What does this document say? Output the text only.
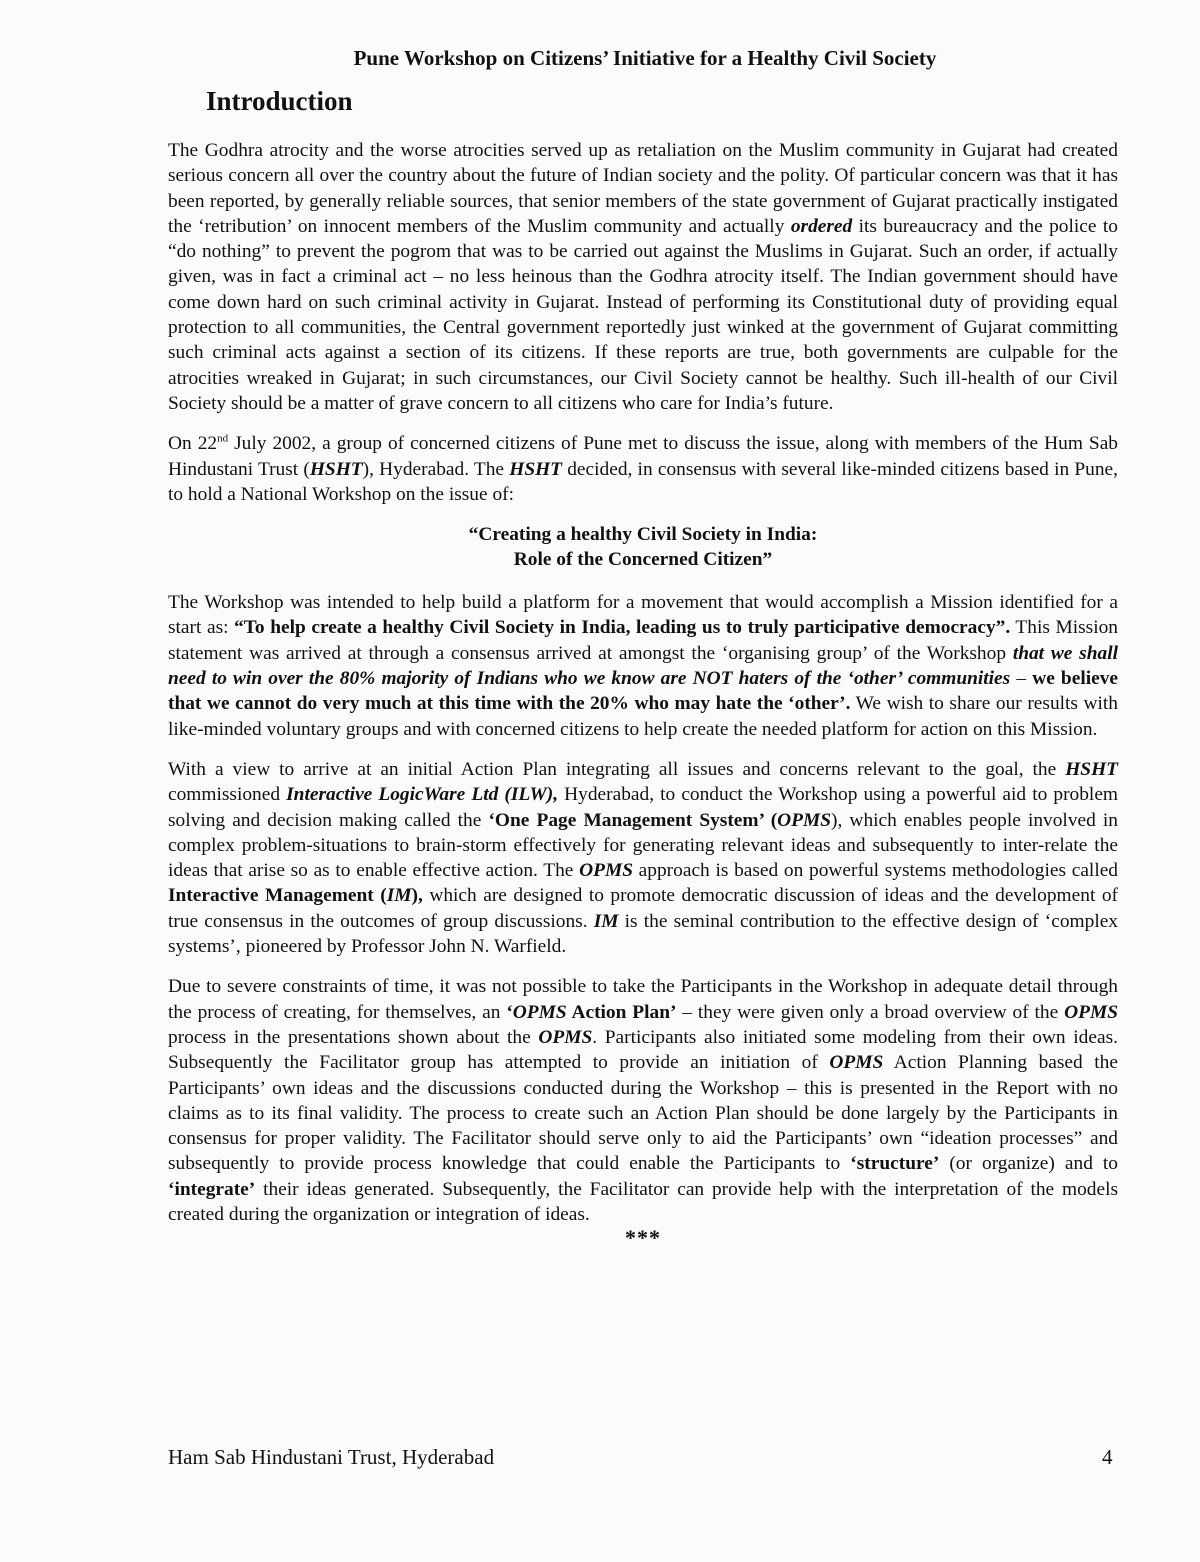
Pune Workshop on Citizens’ Initiative for a Healthy Civil Society
Introduction

The Godhra atrocity and the worse atrocities served up as retaliation on the Muslim community in Gujarat had created serious concern all over the country about the future of Indian society and the polity. Of particular concern was that it has been reported, by generally reliable sources, that senior members of the state government of Gujarat practically instigated the ‘retribution’ on innocent members of the Muslim community and actually ordered its bureaucracy and the police to “do nothing” to prevent the pogrom that was to be carried out against the Muslims in Gujarat. Such an order, if actually given, was in fact a criminal act – no less heinous than the Godhra atrocity itself. The Indian government should have come down hard on such criminal activity in Gujarat. Instead of performing its Constitutional duty of providing equal protection to all communities, the Central government reportedly just winked at the government of Gujarat committing such criminal acts against a section of its citizens. If these reports are true, both governments are culpable for the atrocities wreaked in Gujarat; in such circumstances, our Civil Society cannot be healthy. Such ill-health of our Civil Society should be a matter of grave concern to all citizens who care for India’s future.

On 22nd July 2002, a group of concerned citizens of Pune met to discuss the issue, along with members of the Hum Sab Hindustani Trust (HSHT), Hyderabad. The HSHT decided, in consensus with several like-minded citizens based in Pune, to hold a National Workshop on the issue of:

“Creating a healthy Civil Society in India:
Role of the Concerned Citizen”

The Workshop was intended to help build a platform for a movement that would accomplish a Mission identified for a start as: “To help create a healthy Civil Society in India, leading us to truly participative democracy”. This Mission statement was arrived at through a consensus arrived at amongst the ‘organising group’ of the Workshop that we shall need to win over the 80% majority of Indians who we know are NOT haters of the ‘other’ communities – we believe that we cannot do very much at this time with the 20% who may hate the ‘other’. We wish to share our results with like-minded voluntary groups and with concerned citizens to help create the needed platform for action on this Mission.

With a view to arrive at an initial Action Plan integrating all issues and concerns relevant to the goal, the HSHT commissioned Interactive LogicWare Ltd (ILW), Hyderabad, to conduct the Workshop using a powerful aid to problem solving and decision making called the ‘One Page Management System’ (OPMS), which enables people involved in complex problem-situations to brain-storm effectively for generating relevant ideas and subsequently to inter-relate the ideas that arise so as to enable effective action. The OPMS approach is based on powerful systems methodologies called Interactive Management (IM), which are designed to promote democratic discussion of ideas and the development of true consensus in the outcomes of group discussions. IM is the seminal contribution to the effective design of ‘complex systems’, pioneered by Professor John N. Warfield.

Due to severe constraints of time, it was not possible to take the Participants in the Workshop in adequate detail through the process of creating, for themselves, an ‘OPMS Action Plan’ – they were given only a broad overview of the OPMS process in the presentations shown about the OPMS. Participants also initiated some modeling from their own ideas. Subsequently the Facilitator group has attempted to provide an initiation of OPMS Action Planning based the Participants’ own ideas and the discussions conducted during the Workshop – this is presented in the Report with no claims as to its final validity. The process to create such an Action Plan should be done largely by the Participants in consensus for proper validity. The Facilitator should serve only to aid the Participants’ own “ideation processes” and subsequently to provide process knowledge that could enable the Participants to ‘structure’ (or organize) and to ‘integrate’ their ideas generated. Subsequently, the Facilitator can provide help with the interpretation of the models created during the organization or integration of ideas.

***
Ham Sab Hindustani Trust, Hyderabad	4
